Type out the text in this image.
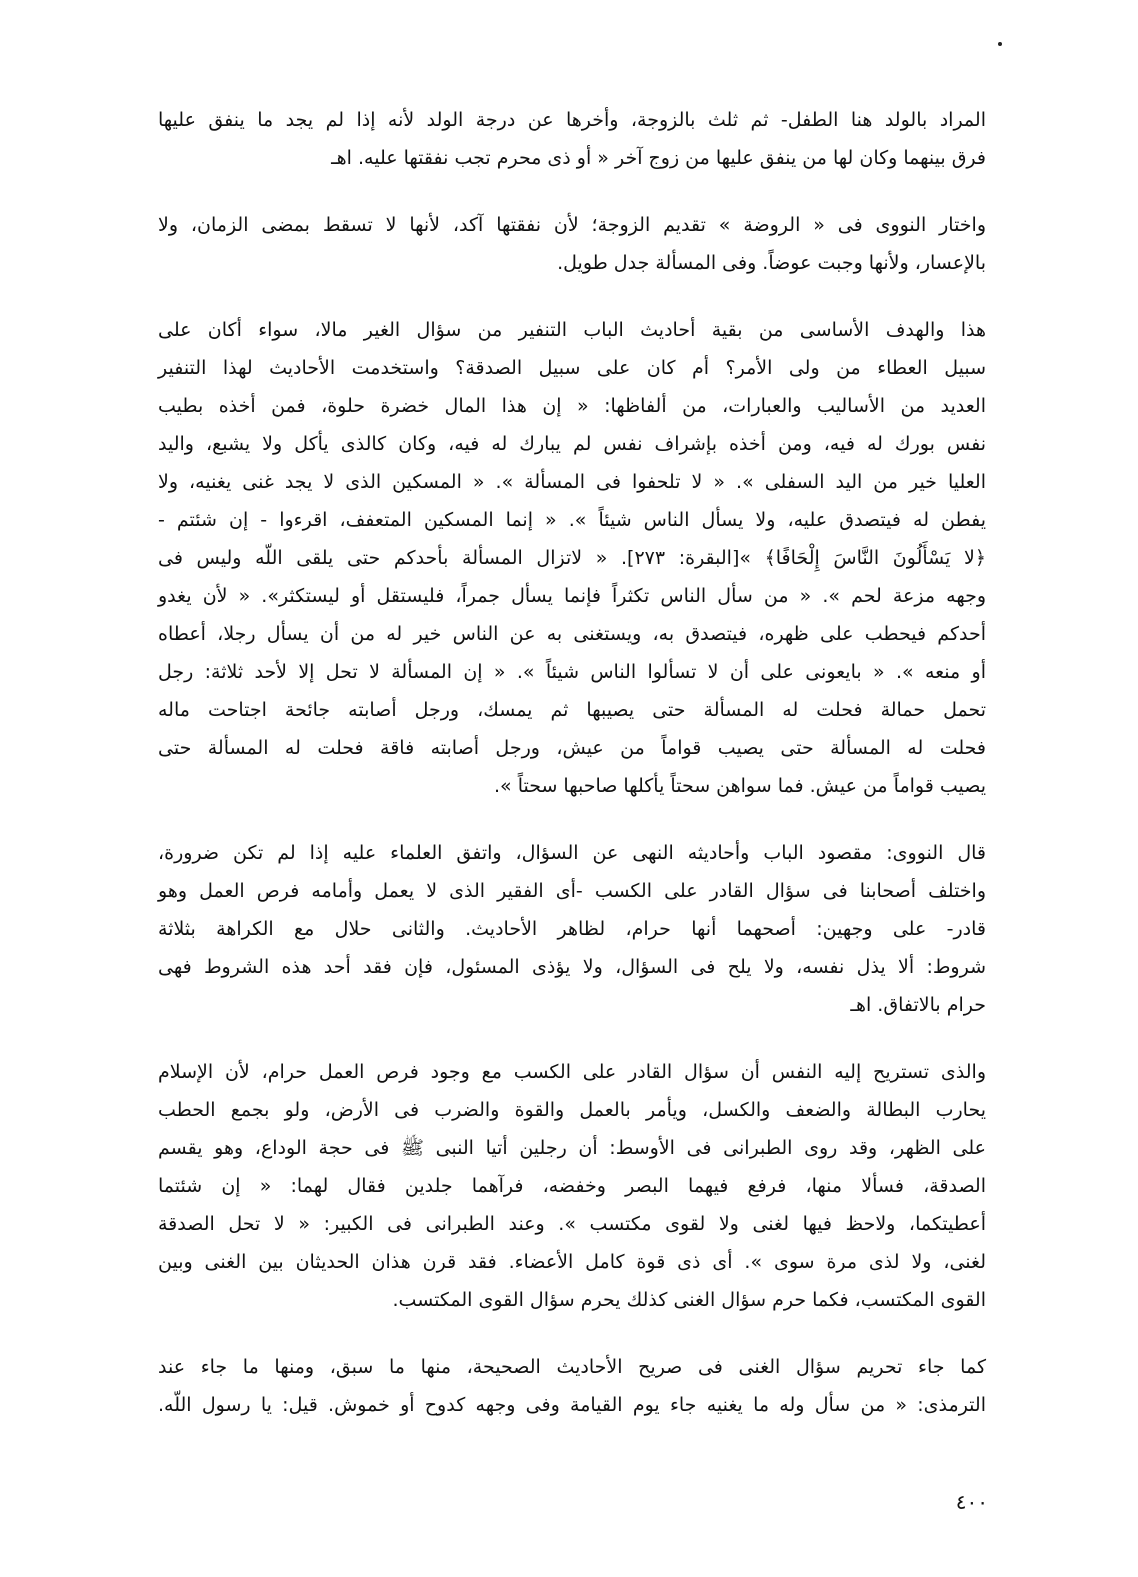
المراد بالولد هنا الطفل- ثم ثلث بالزوجة، وأخرها عن درجة الولد لأنه إذا لم يجد ما ينفق عليها
فرق بينهما وكان لها من ينفق عليها من زوج آخر « أو ذى محرم تجب نفقتها عليه. اهـ
واختار النووى فى « الروضة » تقديم الزوجة؛ لأن نفقتها آكد، لأنها لا تسقط بمضى الزمان، ولا
بالإعسار، ولأنها وجبت عوضاً. وفى المسألة جدل طويل.
هذا والهدف الأساسى من بقية أحاديث الباب التنفير من سؤال الغير مالا، سواء أكان على
سبيل العطاء من ولى الأمر؟ أم كان على سبيل الصدقة؟ واستخدمت الأحاديث لهذا التنفير
العديد من الأساليب والعبارات، من ألفاظها: « إن هذا المال خضرة حلوة، فمن أخذه بطيب
نفس بورك له فيه، ومن أخذه بإشراف نفس لم يبارك له فيه، وكان كالذى يأكل ولا يشبع، واليد
العليا خير من اليد السفلى ». « لا تلحفوا فى المسألة ». « المسكين الذى لا يجد غنى يغنيه، ولا
يفطن له فيتصدق عليه، ولا يسأل الناس شيئاً ». « إنما المسكين المتعفف، اقرءوا - إن شئتم -
﴿لا يَسْأَلُونَ النَّاسَ إِلْحَافًا﴾ »[البقرة: ٢٧٣]. « لاتزال المسألة بأحدكم حتى يلقى اللّه وليس فى
وجهه مزعة لحم ». « من سأل الناس تكثراً فإنما يسأل جمراً، فليستقل أو ليستكثر». « لأن يغدو
أحدكم فيحطب على ظهره، فيتصدق به، ويستغنى به عن الناس خير له من أن يسأل رجلا، أعطاه
أو منعه ». « بايعونى على أن لا تسألوا الناس شيئاً ». « إن المسألة لا تحل إلا لأحد ثلاثة: رجل
تحمل حمالة فحلت له المسألة حتى يصيبها ثم يمسك، ورجل أصابته جائحة اجتاحت ماله
فحلت له المسألة حتى يصيب قواماً من عيش، ورجل أصابته فاقة فحلت له المسألة حتى
يصيب قواماً من عيش. فما سواهن سحتاً يأكلها صاحبها سحتاً ».
قال النووى: مقصود الباب وأحاديثه النهى عن السؤال، واتفق العلماء عليه إذا لم تكن ضرورة،
واختلف أصحابنا فى سؤال القادر على الكسب -أى الفقير الذى لا يعمل وأمامه فرص العمل وهو
قادر- على وجهين: أصحهما أنها حرام، لظاهر الأحاديث. والثانى حلال مع الكراهة بثلاثة
شروط: ألا يذل نفسه، ولا يلح فى السؤال، ولا يؤذى المسئول، فإن فقد أحد هذه الشروط فهى
حرام بالاتفاق. اهـ
والذى تستريح إليه النفس أن سؤال القادر على الكسب مع وجود فرص العمل حرام، لأن الإسلام
يحارب البطالة والضعف والكسل، ويأمر بالعمل والقوة والضرب فى الأرض، ولو بجمع الحطب
على الظهر، وقد روى الطبرانى فى الأوسط: أن رجلين أتيا النبى ﷺ فى حجة الوداع، وهو يقسم
الصدقة، فسألا منها، فرفع فيهما البصر وخفضه، فرآهما جلدين فقال لهما: « إن شئتما
أعطيتكما، ولاحظ فيها لغنى ولا لقوى مكتسب ». وعند الطبرانى فى الكبير: « لا تحل الصدقة
لغنى، ولا لذى مرة سوى ». أى ذى قوة كامل الأعضاء. فقد قرن هذان الحديثان بين الغنى وبين
القوى المكتسب، فكما حرم سؤال الغنى كذلك يحرم سؤال القوى المكتسب.
كما جاء تحريم سؤال الغنى فى صريح الأحاديث الصحيحة، منها ما سبق، ومنها ما جاء عند
الترمذى: « من سأل وله ما يغنيه جاء يوم القيامة وفى وجهه كدوح أو خموش. قيل: يا رسول اللّه.
٤٠٠
